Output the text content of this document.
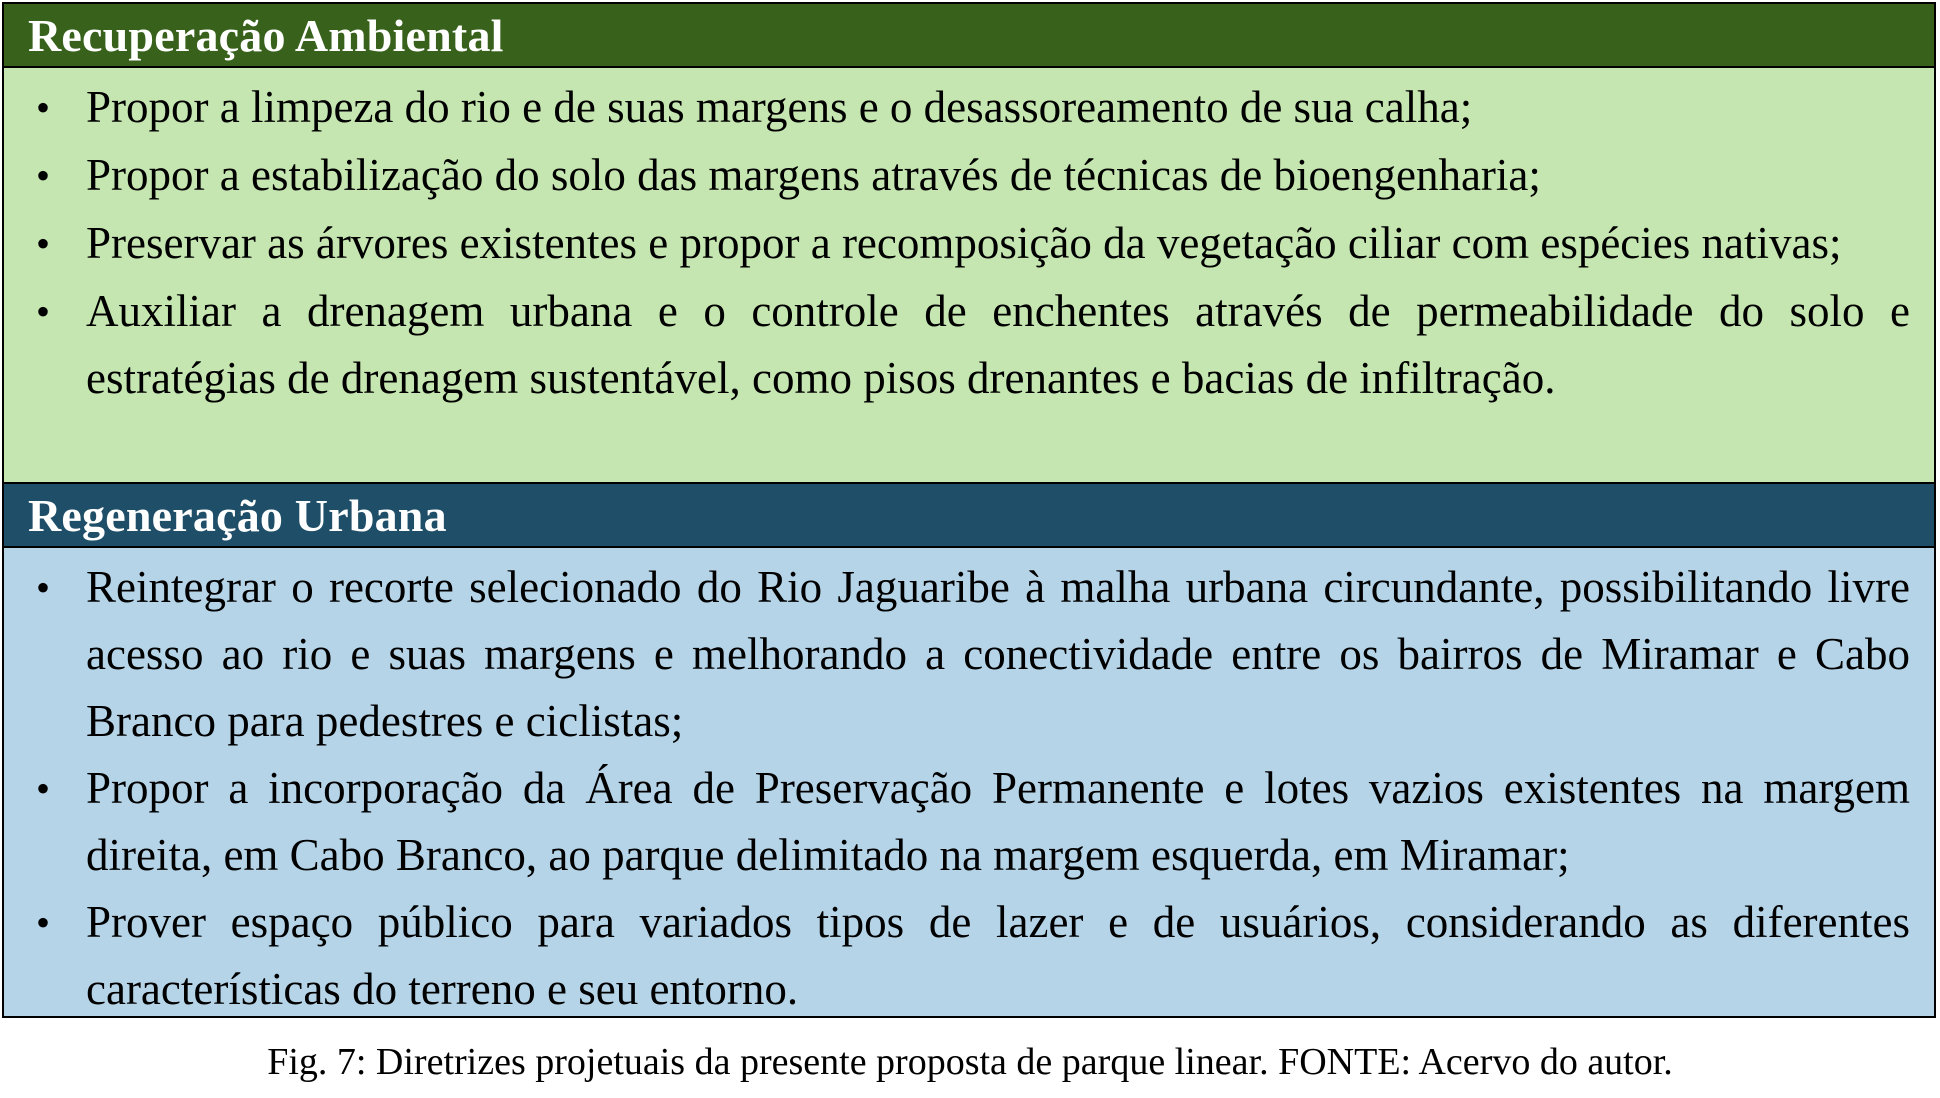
Recuperação Ambiental
• Propor a limpeza do rio e de suas margens e o desassoreamento de sua calha;
• Propor a estabilização do solo das margens através de técnicas de bioengenharia;
• Preservar as árvores existentes e propor a recomposição da vegetação ciliar com espécies nativas;
• Auxiliar a drenagem urbana e o controle de enchentes através de permeabilidade do solo e estratégias de drenagem sustentável, como pisos drenantes e bacias de infiltração.
Regeneração Urbana
• Reintegrar o recorte selecionado do Rio Jaguaribe à malha urbana circundante, possibilitando livre acesso ao rio e suas margens e melhorando a conectividade entre os bairros de Miramar e Cabo Branco para pedestres e ciclistas;
• Propor a incorporação da Área de Preservação Permanente e lotes vazios existentes na margem direita, em Cabo Branco, ao parque delimitado na margem esquerda, em Miramar;
• Prover espaço público para variados tipos de lazer e de usuários, considerando as diferentes características do terreno e seu entorno.
Fig. 7: Diretrizes projetuais da presente proposta de parque linear. FONTE: Acervo do autor.
